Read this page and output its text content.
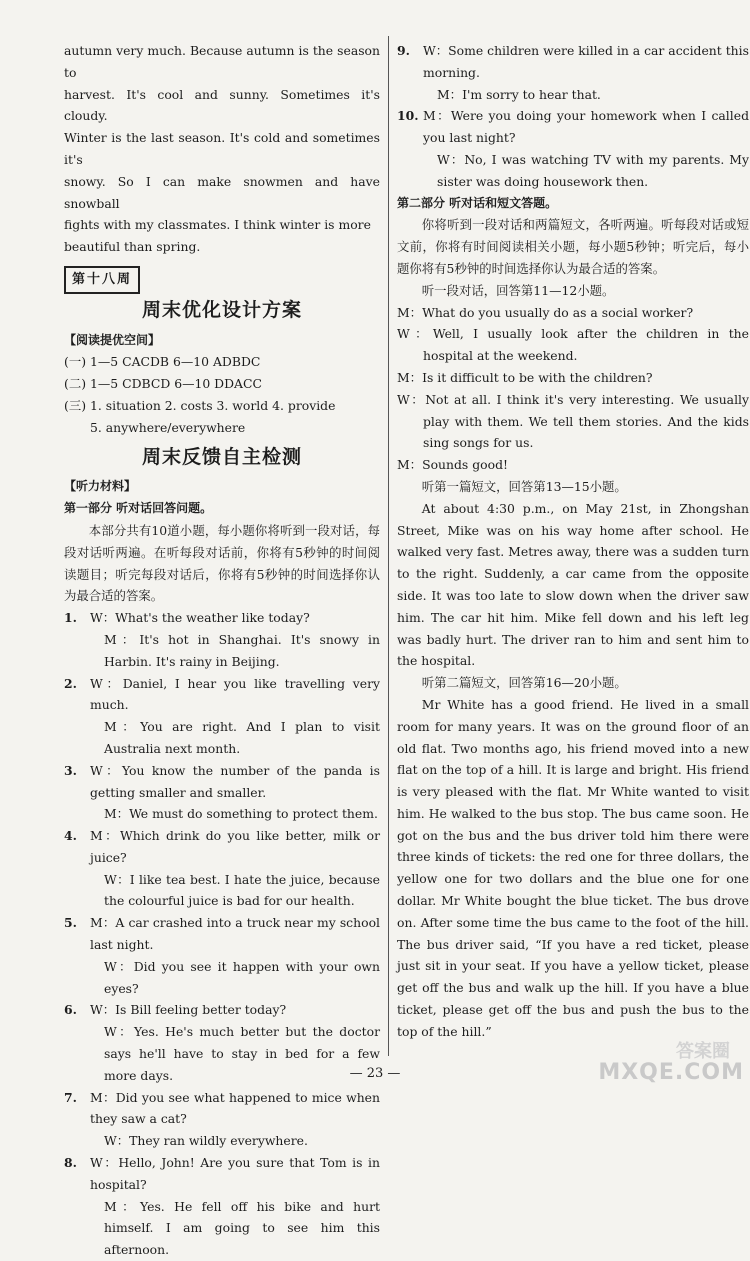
autumn very much. Because autumn is the season to

harvest. It's cool and sunny. Sometimes it's cloudy.

Winter is the last season. It's cold and sometimes it's

snowy. So I can make snowmen and have snowball

fights with my classmates. I think winter is more

beautiful than spring.

第十八周
周末优化设计方案

【阅读提优空间】

(一) 1—5 CACDB 6—10 ADBDC

(二) 1—5 CDBCD 6—10 DDACC

(三) 1. situation 2. costs 3. world 4. provide

5. anywhere/everywhere

周末反馈自主检测

【听力材料】

第一部分 听对话回答问题。

本部分共有10道小题，每小题你将听到一段对话，每段对话听两遍。在听每段对话前，你将有5秒钟的时间阅读题目；听完每段对话后，你将有5秒钟的时间选择你认为最合适的答案。

1. W：What's the weather like today?

M：It's hot in Shanghai. It's snowy in Harbin. It's rainy in Beijing.

2. W：Daniel, I hear you like travelling very much.

M：You are right. And I plan to visit Australia next month.

3. W：You know the number of the panda is getting smaller and smaller.

M：We must do something to protect them.

4. M：Which drink do you like better, milk or juice?

W：I like tea best. I hate the juice, because the colourful juice is bad for our health.

5. M：A car crashed into a truck near my school last night.

W：Did you see it happen with your own eyes?

6. W：Is Bill feeling better today?

W：Yes. He's much better but the doctor says he'll have to stay in bed for a few more days.

7. M：Did you see what happened to mice when they saw a cat?

W：They ran wildly everywhere.

8. W：Hello, John! Are you sure that Tom is in hospital?

M：Yes. He fell off his bike and hurt himself. I am going to see him this afternoon.

9. W：Some children were killed in a car accident this morning.

M：I'm sorry to hear that.

10. M：Were you doing your homework when I called you last night?

W：No, I was watching TV with my parents. My sister was doing housework then.

第二部分 听对话和短文答题。

你将听到一段对话和两篇短文，各听两遍。听每段对话或短文前，你将有时间阅读相关小题，每小题5秒钟；听完后，每小题你将有5秒钟的时间选择你认为最合适的答案。

听一段对话，回答第11—12小题。

M：What do you usually do as a social worker?

W：Well, I usually look after the children in the hospital at the weekend.

M：Is it difficult to be with the children?

W：Not at all. I think it's very interesting. We usually play with them. We tell them stories. And the kids sing songs for us.

M：Sounds good!

听第一篇短文，回答第13—15小题。

At about 4:30 p.m., on May 21st, in Zhongshan Street, Mike was on his way home after school. He walked very fast. Metres away, there was a sudden turn to the right. Suddenly, a car came from the opposite side. It was too late to slow down when the driver saw him. The car hit him. Mike fell down and his left leg was badly hurt. The driver ran to him and sent him to the hospital.

听第二篇短文，回答第16—20小题。

Mr White has a good friend. He lived in a small room for many years. It was on the ground floor of an old flat. Two months ago, his friend moved into a new flat on the top of a hill. It is large and bright. His friend is very pleased with the flat. Mr White wanted to visit him. He walked to the bus stop. The bus came soon. He got on the bus and the bus driver told him there were three kinds of tickets: the red one for three dollars, the yellow one for two dollars and the blue one for one dollar. Mr White bought the blue ticket. The bus drove on. After some time the bus came to the foot of the hill. The bus driver said, “If you have a red ticket, please just sit in your seat. If you have a yellow ticket, please get off the bus and walk up the hill. If you have a blue ticket, please get off the bus and push the bus to the top of the hill.”

— 23 —
答案圈
MXQE.COM
